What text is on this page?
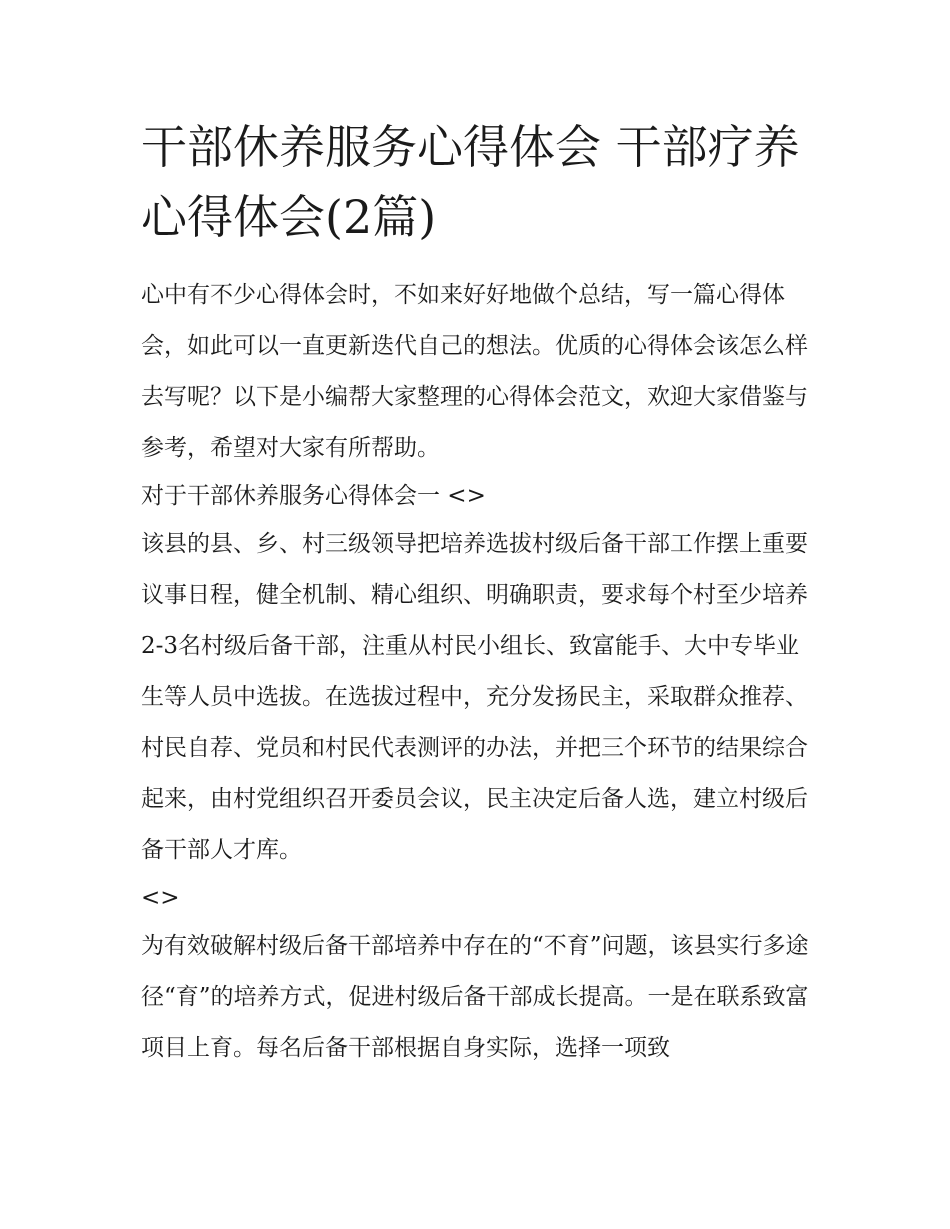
干部休养服务心得体会 干部疗养心得体会(2篇)

心中有不少心得体会时，不如来好好地做个总结，写一篇心得体会，如此可以一直更新迭代自己的想法。优质的心得体会该怎么样去写呢？以下是小编帮大家整理的心得体会范文，欢迎大家借鉴与参考，希望对大家有所帮助。

对于干部休养服务心得体会一 <>

该县的县、乡、村三级领导把培养选拔村级后备干部工作摆上重要议事日程，健全机制、精心组织、明确职责，要求每个村至少培养2-3名村级后备干部，注重从村民小组长、致富能手、大中专毕业生等人员中选拔。在选拔过程中，充分发扬民主，采取群众推荐、村民自荐、党员和村民代表测评的办法，并把三个环节的结果综合起来，由村党组织召开委员会议，民主决定后备人选，建立村级后备干部人才库。

<>

为有效破解村级后备干部培养中存在的“不育”问题，该县实行多途径“育”的培养方式，促进村级后备干部成长提高。一是在联系致富项目上育。每名后备干部根据自身实际，选择一项致
